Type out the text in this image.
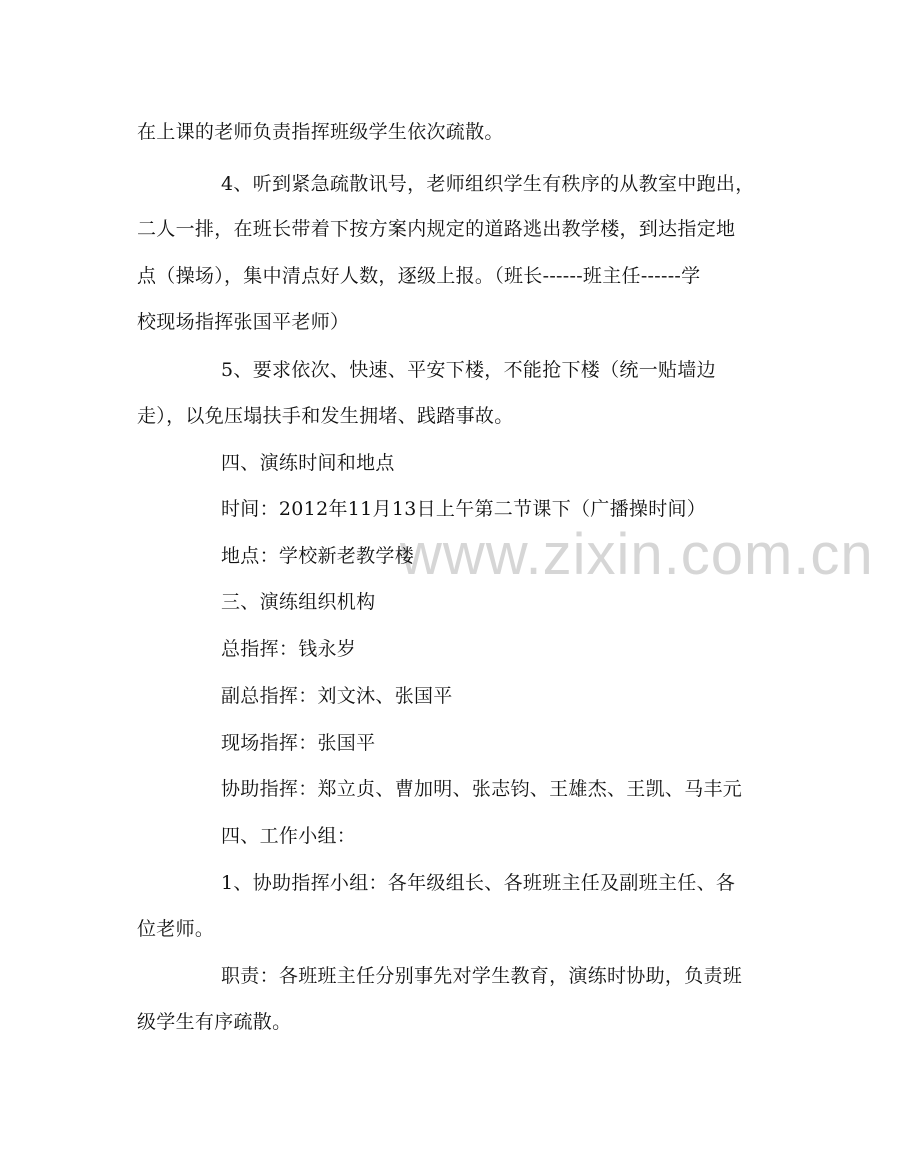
www.zixin.com.cn
在上课的老师负责指挥班级学生依次疏散。
4、听到紧急疏散讯号，老师组织学生有秩序的从教室中跑出，
二人一排，在班长带着下按方案内规定的道路逃出教学楼，到达指定地
点（操场），集中清点好人数，逐级上报。（班长------班主任------学
校现场指挥张国平老师）
5、要求依次、快速、平安下楼，不能抢下楼（统一贴墙边
走），以免压塌扶手和发生拥堵、践踏事故。
四、演练时间和地点
时间：2012年11月13日上午第二节课下（广播操时间）
地点：学校新老教学楼
三、演练组织机构
总指挥：钱永岁
副总指挥：刘文沐、张国平
现场指挥：张国平
协助指挥：郑立贞、曹加明、张志钧、王雄杰、王凯、马丰元
四、工作小组：
1、协助指挥小组：各年级组长、各班班主任及副班主任、各
位老师。
职责：各班班主任分别事先对学生教育，演练时协助，负责班
级学生有序疏散。
